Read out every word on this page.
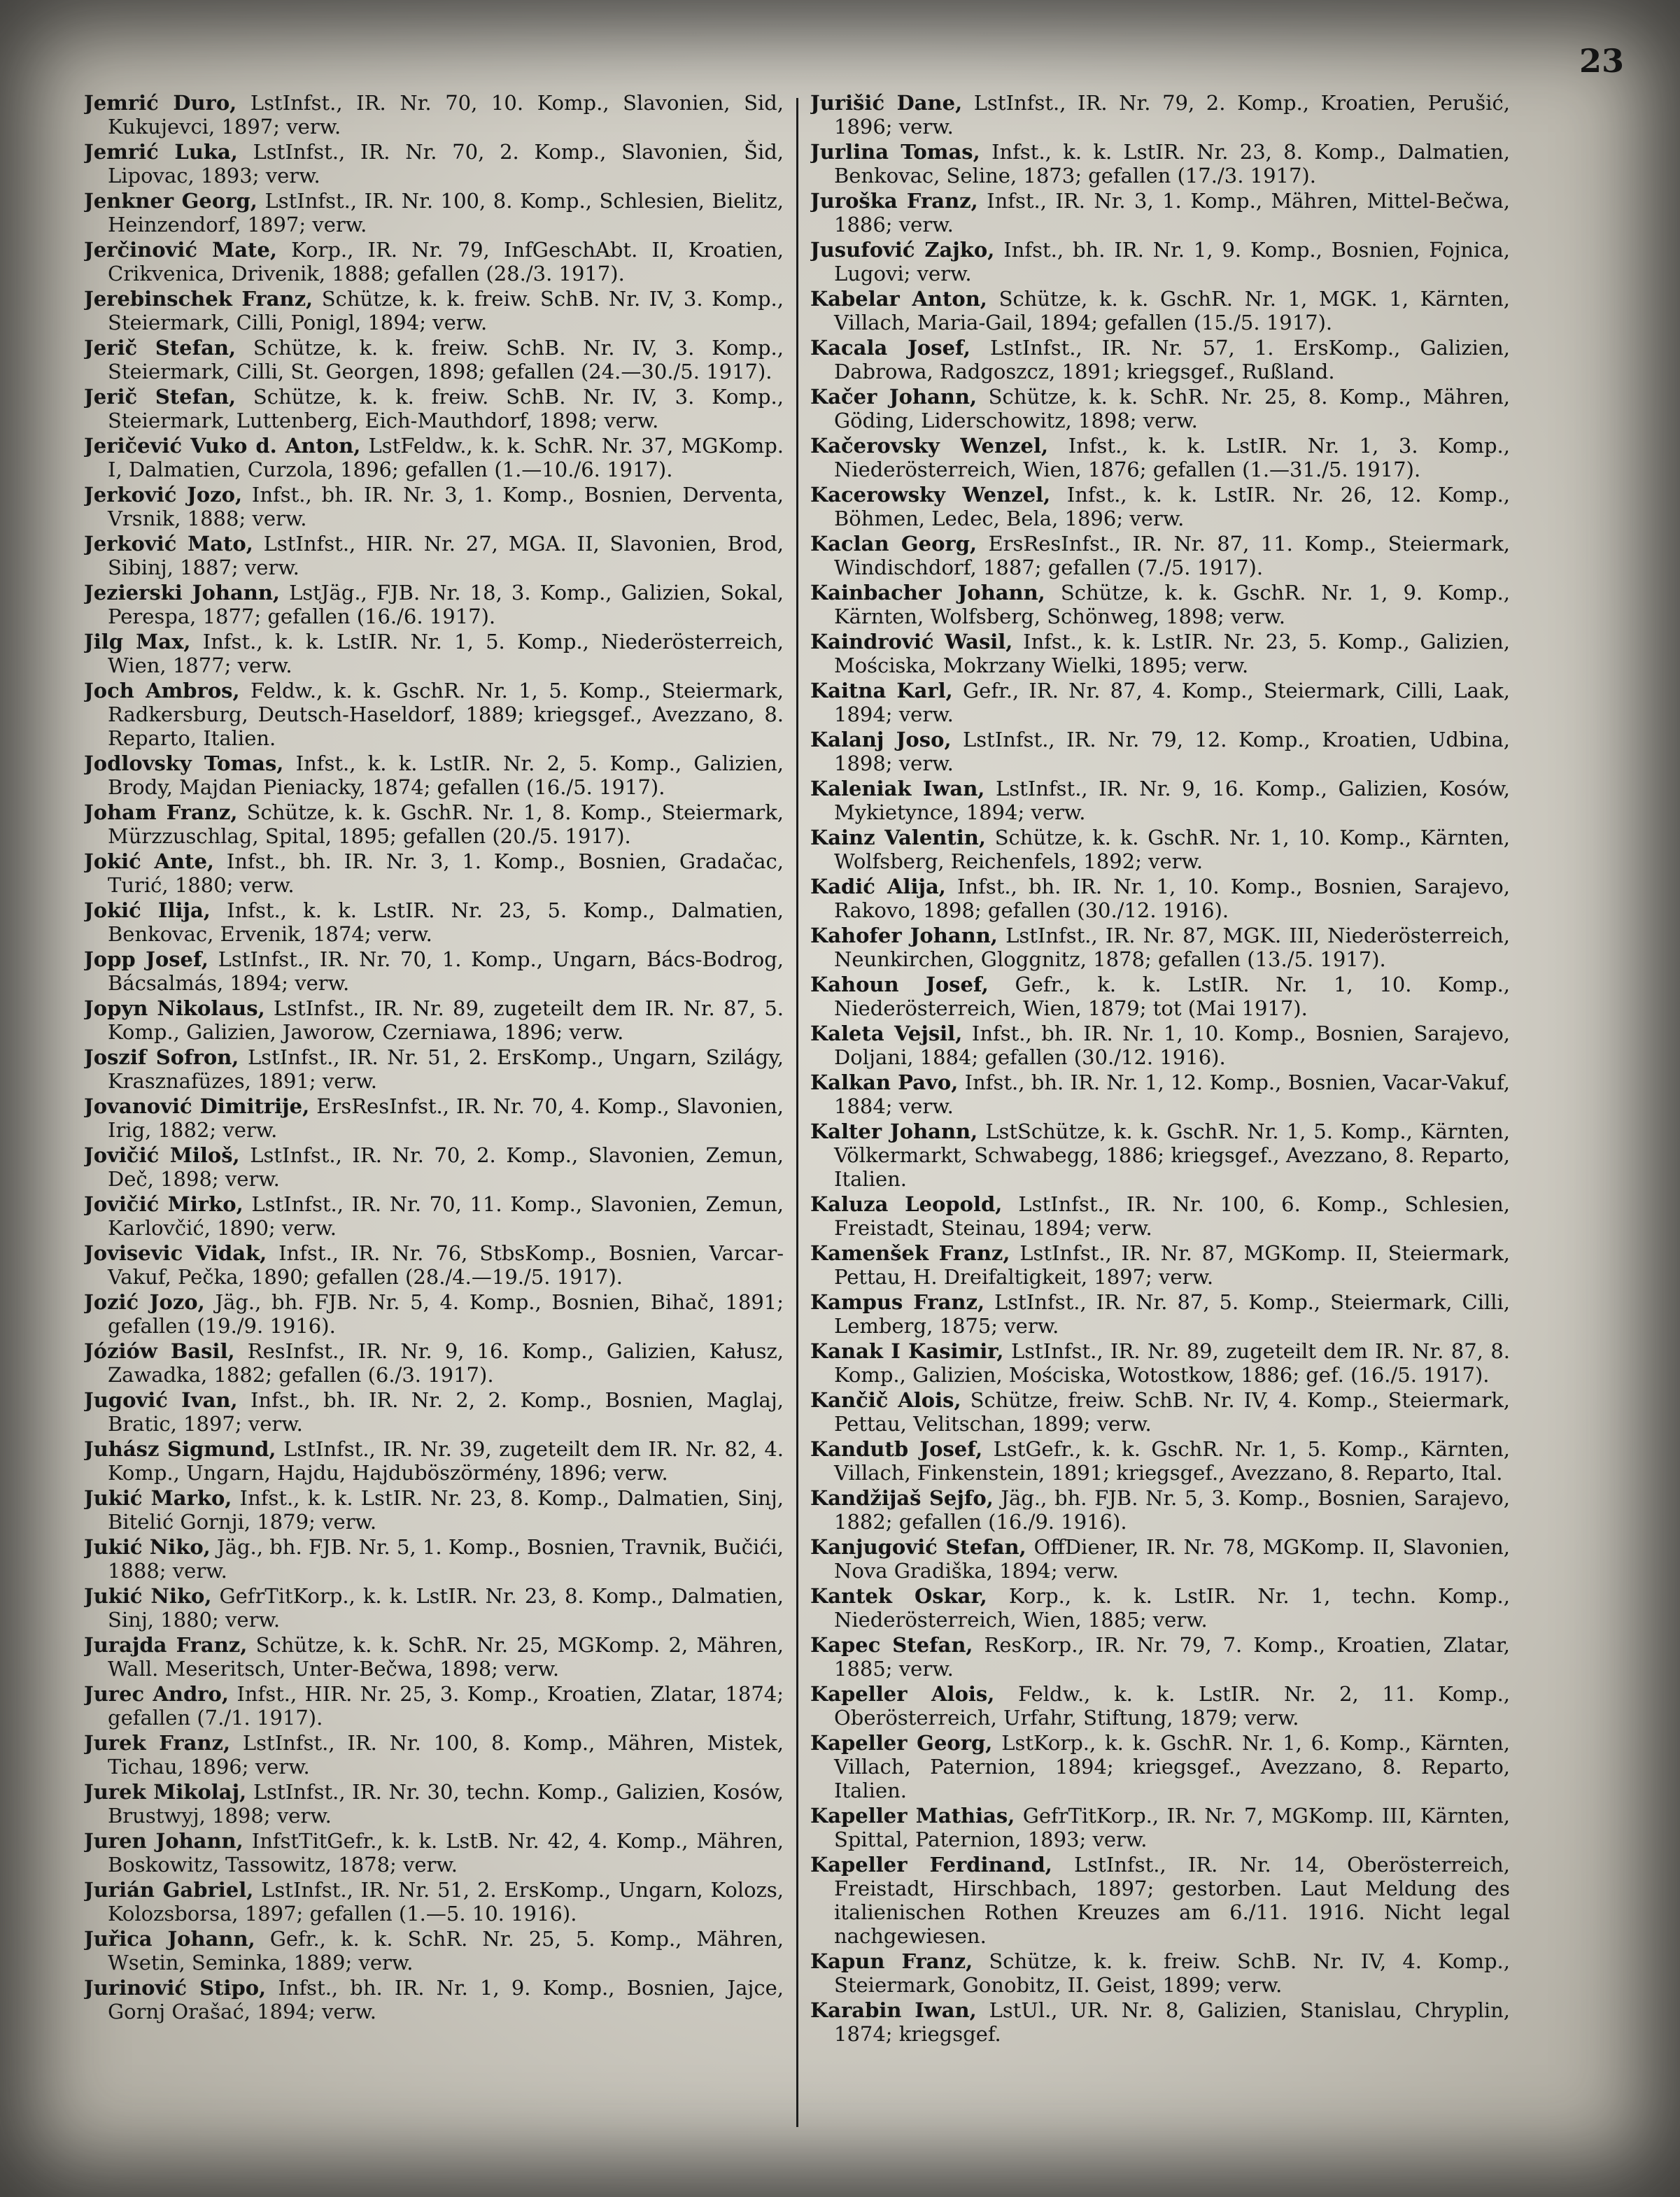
23

Jemrić Duro, LstInfst., IR. Nr. 70, 10. Komp., Slavonien, Sid, Kukujevci, 1897; verw.

Jemrić Luka, LstInfst., IR. Nr. 70, 2. Komp., Slavonien, Šid, Lipovac, 1893; verw.

Jenkner Georg, LstInfst., IR. Nr. 100, 8. Komp., Schlesien, Bielitz, Heinzendorf, 1897; verw.

Jerčinović Mate, Korp., IR. Nr. 79, InfGeschAbt. II, Kroatien, Crikvenica, Drivenik, 1888; gefallen (28./3. 1917).

Jerebinschek Franz, Schütze, k. k. freiw. SchB. Nr. IV, 3. Komp., Steiermark, Cilli, Ponigl, 1894; verw.

Jerič Stefan, Schütze, k. k. freiw. SchB. Nr. IV, 3. Komp., Steiermark, Cilli, St. Georgen, 1898; gefallen (24.—30./5. 1917).

Jerič Stefan, Schütze, k. k. freiw. SchB. Nr. IV, 3. Komp., Steiermark, Luttenberg, Eich-Mauthdorf, 1898; verw.

Jeričević Vuko d. Anton, LstFeldw., k. k. SchR. Nr. 37, MGKomp. I, Dalmatien, Curzola, 1896; gefallen (1.—10./6. 1917).

Jerković Jozo, Infst., bh. IR. Nr. 3, 1. Komp., Bosnien, Derventa, Vrsnik, 1888; verw.

Jerković Mato, LstInfst., HIR. Nr. 27, MGA. II, Slavonien, Brod, Sibinj, 1887; verw.

Jezierski Johann, LstJäg., FJB. Nr. 18, 3. Komp., Galizien, Sokal, Perespa, 1877; gefallen (16./6. 1917).

Jilg Max, Infst., k. k. LstIR. Nr. 1, 5. Komp., Niederösterreich, Wien, 1877; verw.

Joch Ambros, Feldw., k. k. GschR. Nr. 1, 5. Komp., Steiermark, Radkersburg, Deutsch-Haseldorf, 1889; kriegsgef., Avezzano, 8. Reparto, Italien.

Jodlovsky Tomas, Infst., k. k. LstIR. Nr. 2, 5. Komp., Galizien, Brody, Majdan Pieniacky, 1874; gefallen (16./5. 1917).

Joham Franz, Schütze, k. k. GschR. Nr. 1, 8. Komp., Steiermark, Mürzzuschlag, Spital, 1895; gefallen (20./5. 1917).

Jokić Ante, Infst., bh. IR. Nr. 3, 1. Komp., Bosnien, Gradačac, Turić, 1880; verw.

Jokić Ilija, Infst., k. k. LstIR. Nr. 23, 5. Komp., Dalmatien, Benkovac, Ervenik, 1874; verw.

Jopp Josef, LstInfst., IR. Nr. 70, 1. Komp., Ungarn, Bács-Bodrog, Bácsalmás, 1894; verw.

Jopyn Nikolaus, LstInfst., IR. Nr. 89, zugeteilt dem IR. Nr. 87, 5. Komp., Galizien, Jaworow, Czerniawa, 1896; verw.

Joszif Sofron, LstInfst., IR. Nr. 51, 2. ErsKomp., Ungarn, Szilágy, Krasznafüzes, 1891; verw.

Jovanović Dimitrije, ErsResInfst., IR. Nr. 70, 4. Komp., Slavonien, Irig, 1882; verw.

Jovičić Miloš, LstInfst., IR. Nr. 70, 2. Komp., Slavonien, Zemun, Deč, 1898; verw.

Jovičić Mirko, LstInfst., IR. Nr. 70, 11. Komp., Slavonien, Zemun, Karlovčić, 1890; verw.

Jovisevic Vidak, Infst., IR. Nr. 76, StbsKomp., Bosnien, Varcar-Vakuf, Pečka, 1890; gefallen (28./4.—19./5. 1917).

Jozić Jozo, Jäg., bh. FJB. Nr. 5, 4. Komp., Bosnien, Bihač, 1891; gefallen (19./9. 1916).

Józiów Basil, ResInfst., IR. Nr. 9, 16. Komp., Galizien, Kałusz, Zawadka, 1882; gefallen (6./3. 1917).

Jugović Ivan, Infst., bh. IR. Nr. 2, 2. Komp., Bosnien, Maglaj, Bratic, 1897; verw.

Juhász Sigmund, LstInfst., IR. Nr. 39, zugeteilt dem IR. Nr. 82, 4. Komp., Ungarn, Hajdu, Hajduböszörmény, 1896; verw.

Jukić Marko, Infst., k. k. LstIR. Nr. 23, 8. Komp., Dalmatien, Sinj, Bitelić Gornji, 1879; verw.

Jukić Niko, Jäg., bh. FJB. Nr. 5, 1. Komp., Bosnien, Travnik, Bučići, 1888; verw.

Jukić Niko, GefrTitKorp., k. k. LstIR. Nr. 23, 8. Komp., Dalmatien, Sinj, 1880; verw.

Jurajda Franz, Schütze, k. k. SchR. Nr. 25, MGKomp. 2, Mähren, Wall. Meseritsch, Unter-Bečwa, 1898; verw.

Jurec Andro, Infst., HIR. Nr. 25, 3. Komp., Kroatien, Zlatar, 1874; gefallen (7./1. 1917).

Jurek Franz, LstInfst., IR. Nr. 100, 8. Komp., Mähren, Mistek, Tichau, 1896; verw.

Jurek Mikolaj, LstInfst., IR. Nr. 30, techn. Komp., Galizien, Kosów, Brustwyj, 1898; verw.

Juren Johann, InfstTitGefr., k. k. LstB. Nr. 42, 4. Komp., Mähren, Boskowitz, Tassowitz, 1878; verw.

Jurián Gabriel, LstInfst., IR. Nr. 51, 2. ErsKomp., Ungarn, Kolozs, Kolozsborsa, 1897; gefallen (1.—5. 10. 1916).

Juřica Johann, Gefr., k. k. SchR. Nr. 25, 5. Komp., Mähren, Wsetin, Seminka, 1889; verw.

Jurinović Stipo, Infst., bh. IR. Nr. 1, 9. Komp., Bosnien, Jajce, Gornj Orašać, 1894; verw.

Jurišić Dane, LstInfst., IR. Nr. 79, 2. Komp., Kroatien, Perušić, 1896; verw.

Jurlina Tomas, Infst., k. k. LstIR. Nr. 23, 8. Komp., Dalmatien, Benkovac, Seline, 1873; gefallen (17./3. 1917).

Juroška Franz, Infst., IR. Nr. 3, 1. Komp., Mähren, Mittel-Bečwa, 1886; verw.

Jusufović Zajko, Infst., bh. IR. Nr. 1, 9. Komp., Bosnien, Fojnica, Lugovi; verw.

Kabelar Anton, Schütze, k. k. GschR. Nr. 1, MGK. 1, Kärnten, Villach, Maria-Gail, 1894; gefallen (15./5. 1917).

Kacala Josef, LstInfst., IR. Nr. 57, 1. ErsKomp., Galizien, Dabrowa, Radgoszcz, 1891; kriegsgef., Rußland.

Kačer Johann, Schütze, k. k. SchR. Nr. 25, 8. Komp., Mähren, Göding, Liderschowitz, 1898; verw.

Kačerovsky Wenzel, Infst., k. k. LstIR. Nr. 1, 3. Komp., Niederösterreich, Wien, 1876; gefallen (1.—31./5. 1917).

Kacerowsky Wenzel, Infst., k. k. LstIR. Nr. 26, 12. Komp., Böhmen, Ledec, Bela, 1896; verw.

Kaclan Georg, ErsResInfst., IR. Nr. 87, 11. Komp., Steiermark, Windischdorf, 1887; gefallen (7./5. 1917).

Kainbacher Johann, Schütze, k. k. GschR. Nr. 1, 9. Komp., Kärnten, Wolfsberg, Schönweg, 1898; verw.

Kaindrović Wasil, Infst., k. k. LstIR. Nr. 23, 5. Komp., Galizien, Mościska, Mokrzany Wielki, 1895; verw.

Kaitna Karl, Gefr., IR. Nr. 87, 4. Komp., Steiermark, Cilli, Laak, 1894; verw.

Kalanj Joso, LstInfst., IR. Nr. 79, 12. Komp., Kroatien, Udbina, 1898; verw.

Kaleniak Iwan, LstInfst., IR. Nr. 9, 16. Komp., Galizien, Kosów, Mykietynce, 1894; verw.

Kainz Valentin, Schütze, k. k. GschR. Nr. 1, 10. Komp., Kärnten, Wolfsberg, Reichenfels, 1892; verw.

Kadić Alija, Infst., bh. IR. Nr. 1, 10. Komp., Bosnien, Sarajevo, Rakovo, 1898; gefallen (30./12. 1916).

Kahofer Johann, LstInfst., IR. Nr. 87, MGK. III, Niederösterreich, Neunkirchen, Gloggnitz, 1878; gefallen (13./5. 1917).

Kahoun Josef, Gefr., k. k. LstIR. Nr. 1, 10. Komp., Niederösterreich, Wien, 1879; tot (Mai 1917).

Kaleta Vejsil, Infst., bh. IR. Nr. 1, 10. Komp., Bosnien, Sarajevo, Doljani, 1884; gefallen (30./12. 1916).

Kalkan Pavo, Infst., bh. IR. Nr. 1, 12. Komp., Bosnien, Vacar-Vakuf, 1884; verw.

Kalter Johann, LstSchütze, k. k. GschR. Nr. 1, 5. Komp., Kärnten, Völkermarkt, Schwabegg, 1886; kriegsgef., Avezzano, 8. Reparto, Italien.

Kaluza Leopold, LstInfst., IR. Nr. 100, 6. Komp., Schlesien, Freistadt, Steinau, 1894; verw.

Kamenšek Franz, LstInfst., IR. Nr. 87, MGKomp. II, Steiermark, Pettau, H. Dreifaltigkeit, 1897; verw.

Kampus Franz, LstInfst., IR. Nr. 87, 5. Komp., Steiermark, Cilli, Lemberg, 1875; verw.

Kanak I Kasimir, LstInfst., IR. Nr. 89, zugeteilt dem IR. Nr. 87, 8. Komp., Galizien, Mościska, Wotostkow, 1886; gef. (16./5. 1917).

Kančič Alois, Schütze, freiw. SchB. Nr. IV, 4. Komp., Steiermark, Pettau, Velitschan, 1899; verw.

Kandutb Josef, LstGefr., k. k. GschR. Nr. 1, 5. Komp., Kärnten, Villach, Finkenstein, 1891; kriegsgef., Avezzano, 8. Reparto, Ital.

Kandžijaš Sejfo, Jäg., bh. FJB. Nr. 5, 3. Komp., Bosnien, Sarajevo, 1882; gefallen (16./9. 1916).

Kanjugović Stefan, OffDiener, IR. Nr. 78, MGKomp. II, Slavonien, Nova Gradiška, 1894; verw.

Kantek Oskar, Korp., k. k. LstIR. Nr. 1, techn. Komp., Niederösterreich, Wien, 1885; verw.

Kapec Stefan, ResKorp., IR. Nr. 79, 7. Komp., Kroatien, Zlatar, 1885; verw.

Kapeller Alois, Feldw., k. k. LstIR. Nr. 2, 11. Komp., Oberösterreich, Urfahr, Stiftung, 1879; verw.

Kapeller Georg, LstKorp., k. k. GschR. Nr. 1, 6. Komp., Kärnten, Villach, Paternion, 1894; kriegsgef., Avezzano, 8. Reparto, Italien.

Kapeller Mathias, GefrTitKorp., IR. Nr. 7, MGKomp. III, Kärnten, Spittal, Paternion, 1893; verw.

Kapeller Ferdinand, LstInfst., IR. Nr. 14, Oberösterreich, Freistadt, Hirschbach, 1897; gestorben. Laut Meldung des italienischen Rothen Kreuzes am 6./11. 1916. Nicht legal nachgewiesen.

Kapun Franz, Schütze, k. k. freiw. SchB. Nr. IV, 4. Komp., Steiermark, Gonobitz, II. Geist, 1899; verw.

Karabin Iwan, LstUl., UR. Nr. 8, Galizien, Stanislau, Chryplin, 1874; kriegsgef.
